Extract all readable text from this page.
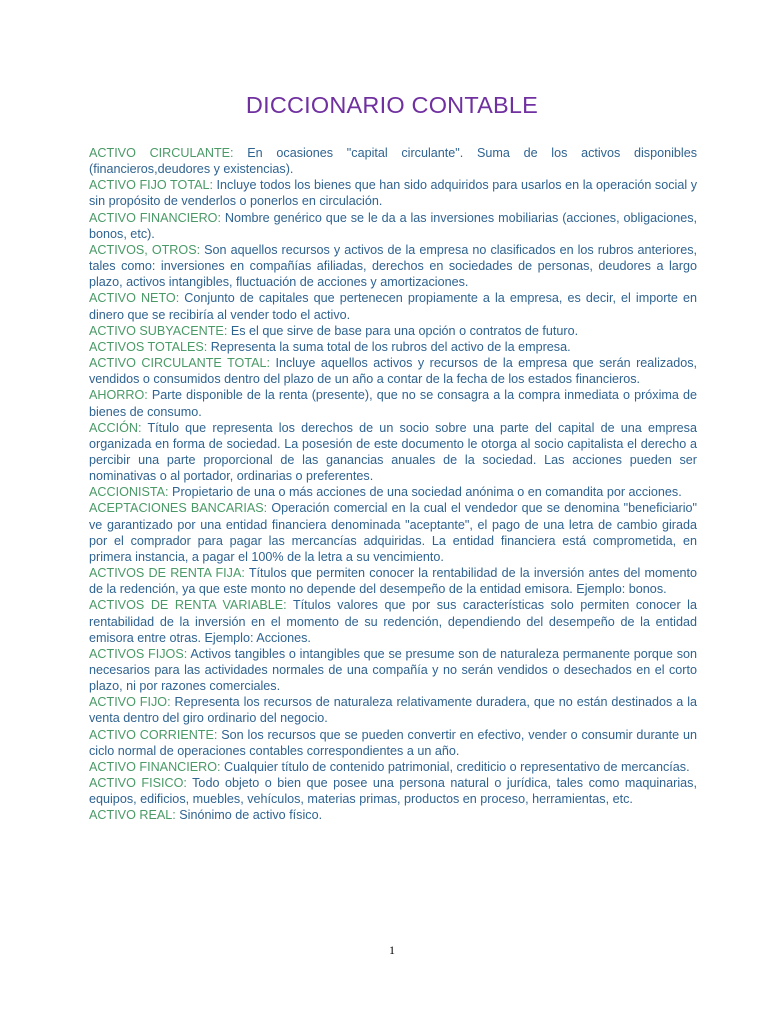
DICCIONARIO CONTABLE

ACTIVO CIRCULANTE: En ocasiones "capital circulante". Suma de los activos disponibles (financieros,deudores y existencias).

ACTIVO FIJO TOTAL: Incluye todos los bienes que han sido adquiridos para usarlos en la operación social y sin propósito de venderlos o ponerlos en circulación.

ACTIVO FINANCIERO: Nombre genérico que se le da a las inversiones mobiliarias (acciones, obligaciones, bonos, etc).

ACTIVOS, OTROS: Son aquellos recursos y activos de la empresa no clasificados en los rubros anteriores, tales como: inversiones en compañías afiliadas, derechos en sociedades de personas, deudores a largo plazo, activos intangibles, fluctuación de acciones y amortizaciones.

ACTIVO NETO: Conjunto de capitales que pertenecen propiamente a la empresa, es decir, el importe en dinero que se recibiría al vender todo el activo.

ACTIVO SUBYACENTE: Es el que sirve de base para una opción o contratos de futuro.

ACTIVOS TOTALES: Representa la suma total de los rubros del activo de la empresa.

ACTIVO CIRCULANTE TOTAL: Incluye aquellos activos y recursos de la empresa que serán realizados, vendidos o consumidos dentro del plazo de un año a contar de la fecha de los estados financieros.

AHORRO: Parte disponible de la renta (presente), que no se consagra a la compra inmediata o próxima de bienes de consumo.

ACCIÓN: Título que representa los derechos de un socio sobre una parte del capital de una empresa organizada en forma de sociedad. La posesión de este documento le otorga al socio capitalista el derecho a percibir una parte proporcional de las ganancias anuales de la sociedad. Las acciones pueden ser nominativas o al portador, ordinarias o preferentes.

ACCIONISTA: Propietario de una o más acciones de una sociedad anónima o en comandita por acciones.

ACEPTACIONES BANCARIAS: Operación comercial en la cual el vendedor que se denomina "beneficiario" ve garantizado por una entidad financiera denominada "aceptante", el pago de una letra de cambio girada por el comprador para pagar las mercancías adquiridas. La entidad financiera está comprometida, en primera instancia, a pagar el 100% de la letra a su vencimiento.

ACTIVOS DE RENTA FIJA: Títulos que permiten conocer la rentabilidad de la inversión antes del momento de la redención, ya que este monto no depende del desempeño de la entidad emisora. Ejemplo: bonos.

ACTIVOS DE RENTA VARIABLE: Títulos valores que por sus características solo permiten conocer la rentabilidad de la inversión en el momento de su redención, dependiendo del desempeño de la entidad emisora entre otras. Ejemplo: Acciones.

ACTIVOS FIJOS: Activos tangibles o intangibles que se presume son de naturaleza permanente porque son necesarios para las actividades normales de una compañía y no serán vendidos o desechados en el corto plazo, ni por razones comerciales.

ACTIVO FIJO: Representa los recursos de naturaleza relativamente duradera, que no están destinados a la venta dentro del giro ordinario del negocio.

ACTIVO CORRIENTE: Son los recursos que se pueden convertir en efectivo, vender o consumir durante un ciclo normal de operaciones contables correspondientes a un año.

ACTIVO FINANCIERO: Cualquier título de contenido patrimonial, crediticio o representativo de mercancías.

ACTIVO FISICO: Todo objeto o bien que posee una persona natural o jurídica, tales como maquinarias, equipos, edificios, muebles, vehículos, materias primas, productos en proceso, herramientas, etc.

ACTIVO REAL: Sinónimo de activo físico.

1
